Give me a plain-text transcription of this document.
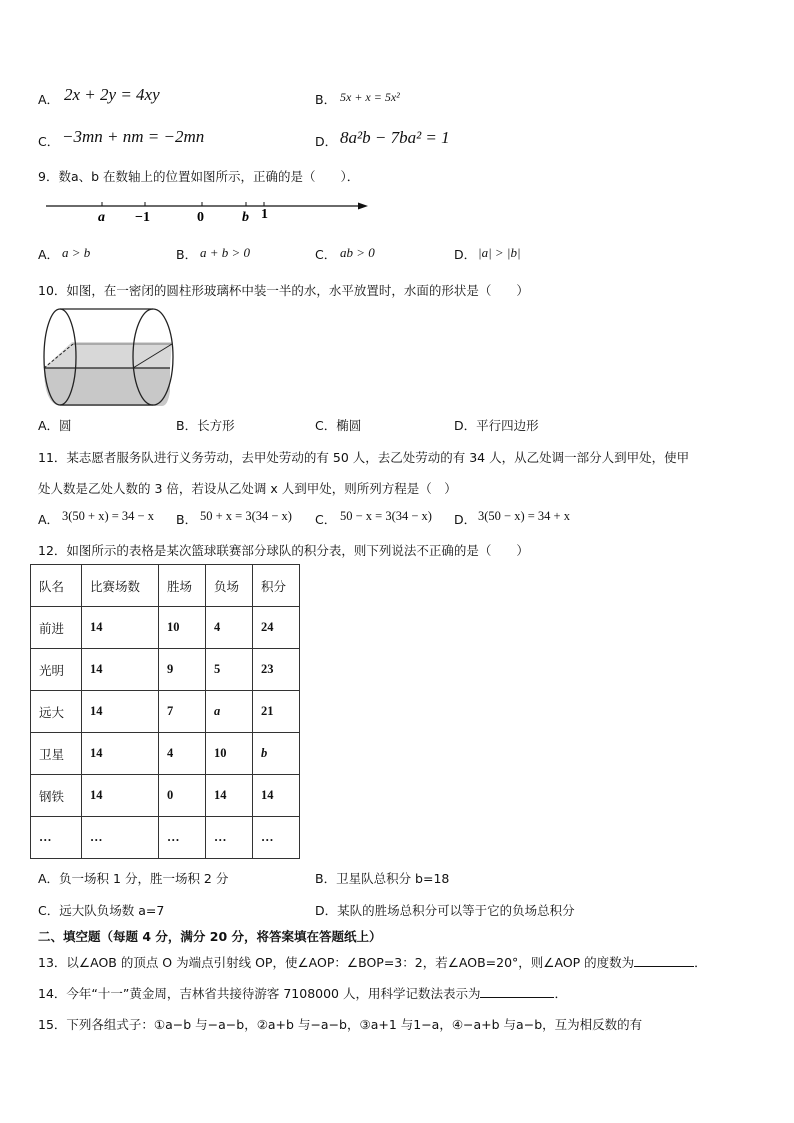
A． 2x + 2y = 4xy	B． 5x + x = 5x²
C． −3mn + nm = −2mn	D． 8a²b − 7ba² = 1
9．数a、b 在数轴上的位置如图所示，正确的是（　　）．
a −1	0	b 1
A． a > b	B． a + b > 0	C． ab > 0	D． |a| > |b|
10．如图，在一密闭的圆柱形玻璃杯中装一半的水，水平放置时，水面的形状是（　　）
A．圆	B．长方形	C．椭圆	D．平行四边形
11．某志愿者服务队进行义务劳动，去甲处劳动的有 50 人，去乙处劳动的有 34 人，从乙处调一部分人到甲处，使甲
处人数是乙处人数的 3 倍，若设从乙处调 x 人到甲处，则所列方程是（　）
A． 3(50 + x) = 34 − x B． 50 + x = 3(34 − x) C． 50 − x = 3(34 − x) D． 3(50 − x) = 34 + x
12．如图所示的表格是某次篮球联赛部分球队的积分表，则下列说法不正确的是（　　）
队名	比赛场数	胜场	负场	积分
前进	14	10	4	24
光明	14	9	5	23
远大	14	7	a	21
卫星	14	4	10	b
钢铁	14	0	14	14
…	…	…	…	…
A．负一场积 1 分，胜一场积 2 分	B．卫星队总积分 b=18
C．远大队负场数 a=7	D．某队的胜场总积分可以等于它的负场总积分
二、填空题（每题 4 分，满分 20 分，将答案填在答题纸上）
13．以∠AOB 的顶点 O 为端点引射线 OP，使∠AOP：∠BOP=3：2，若∠AOB=20°，则∠AOP 的度数为	．
14．今年“十一”黄金周，吉林省共接待游客 7108000 人，用科学记数法表示为	．
15．下列各组式子：①a−b 与−a−b，②a+b 与−a−b，③a+1 与1−a，④−a+b 与a−b，互为相反数的有
